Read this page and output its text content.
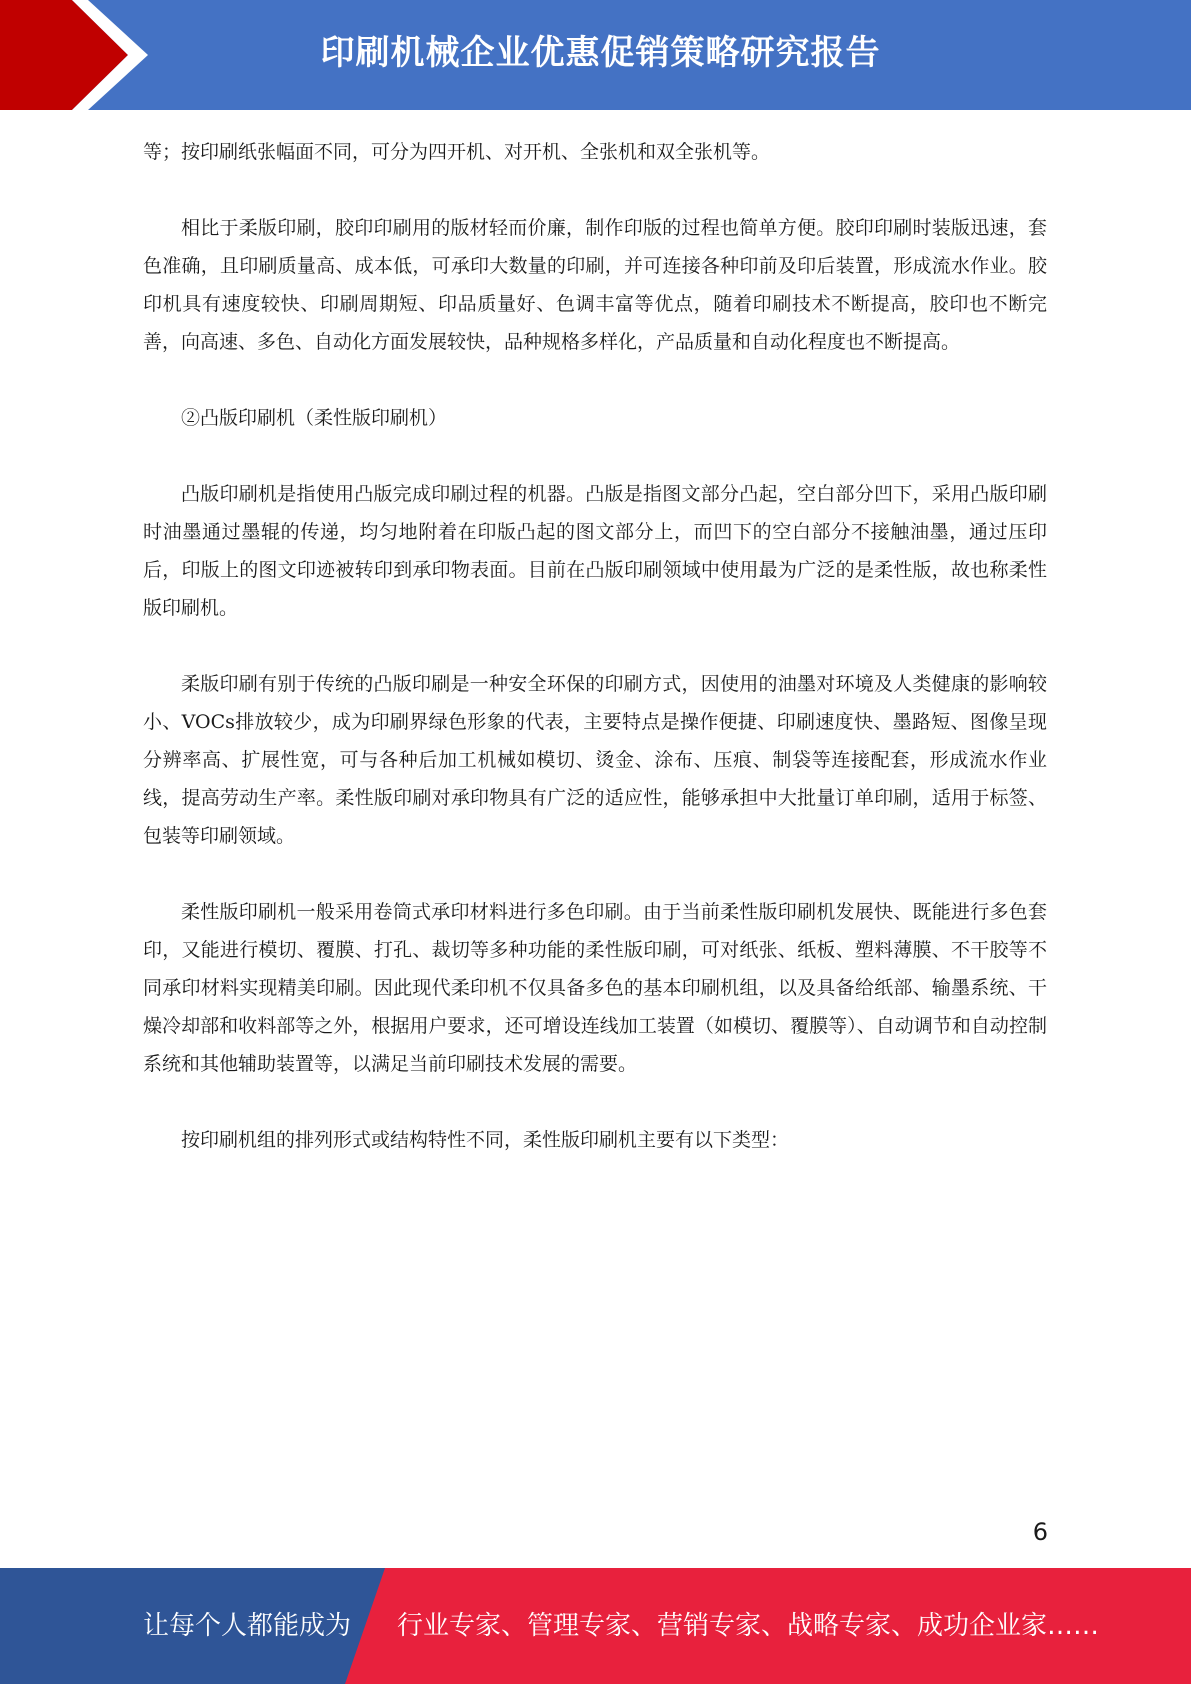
印刷机械企业优惠促销策略研究报告

等；按印刷纸张幅面不同，可分为四开机、对开机、全张机和双全张机等。

相比于柔版印刷，胶印印刷用的版材轻而价廉，制作印版的过程也简单方便。胶印印刷时装版迅速，套色准确，且印刷质量高、成本低，可承印大数量的印刷，并可连接各种印前及印后装置，形成流水作业。胶印机具有速度较快、印刷周期短、印品质量好、色调丰富等优点，随着印刷技术不断提高，胶印也不断完善，向高速、多色、自动化方面发展较快，品种规格多样化，产品质量和自动化程度也不断提高。

②凸版印刷机（柔性版印刷机）

凸版印刷机是指使用凸版完成印刷过程的机器。凸版是指图文部分凸起，空白部分凹下，采用凸版印刷时油墨通过墨辊的传递，均匀地附着在印版凸起的图文部分上，而凹下的空白部分不接触油墨，通过压印后，印版上的图文印迹被转印到承印物表面。目前在凸版印刷领域中使用最为广泛的是柔性版，故也称柔性版印刷机。

柔版印刷有别于传统的凸版印刷是一种安全环保的印刷方式，因使用的油墨对环境及人类健康的影响较小、VOCs排放较少，成为印刷界绿色形象的代表，主要特点是操作便捷、印刷速度快、墨路短、图像呈现分辨率高、扩展性宽，可与各种后加工机械如模切、烫金、涂布、压痕、制袋等连接配套，形成流水作业线，提高劳动生产率。柔性版印刷对承印物具有广泛的适应性，能够承担中大批量订单印刷，适用于标签、包装等印刷领域。

柔性版印刷机一般采用卷筒式承印材料进行多色印刷。由于当前柔性版印刷机发展快、既能进行多色套印，又能进行模切、覆膜、打孔、裁切等多种功能的柔性版印刷，可对纸张、纸板、塑料薄膜、不干胶等不同承印材料实现精美印刷。因此现代柔印机不仅具备多色的基本印刷机组，以及具备给纸部、输墨系统、干燥冷却部和收料部等之外，根据用户要求，还可增设连线加工装置（如模切、覆膜等）、自动调节和自动控制系统和其他辅助装置等，以满足当前印刷技术发展的需要。

按印刷机组的排列形式或结构特性不同，柔性版印刷机主要有以下类型：

6
让每个人都能成为 行业专家、管理专家、营销专家、战略专家、成功企业家……
